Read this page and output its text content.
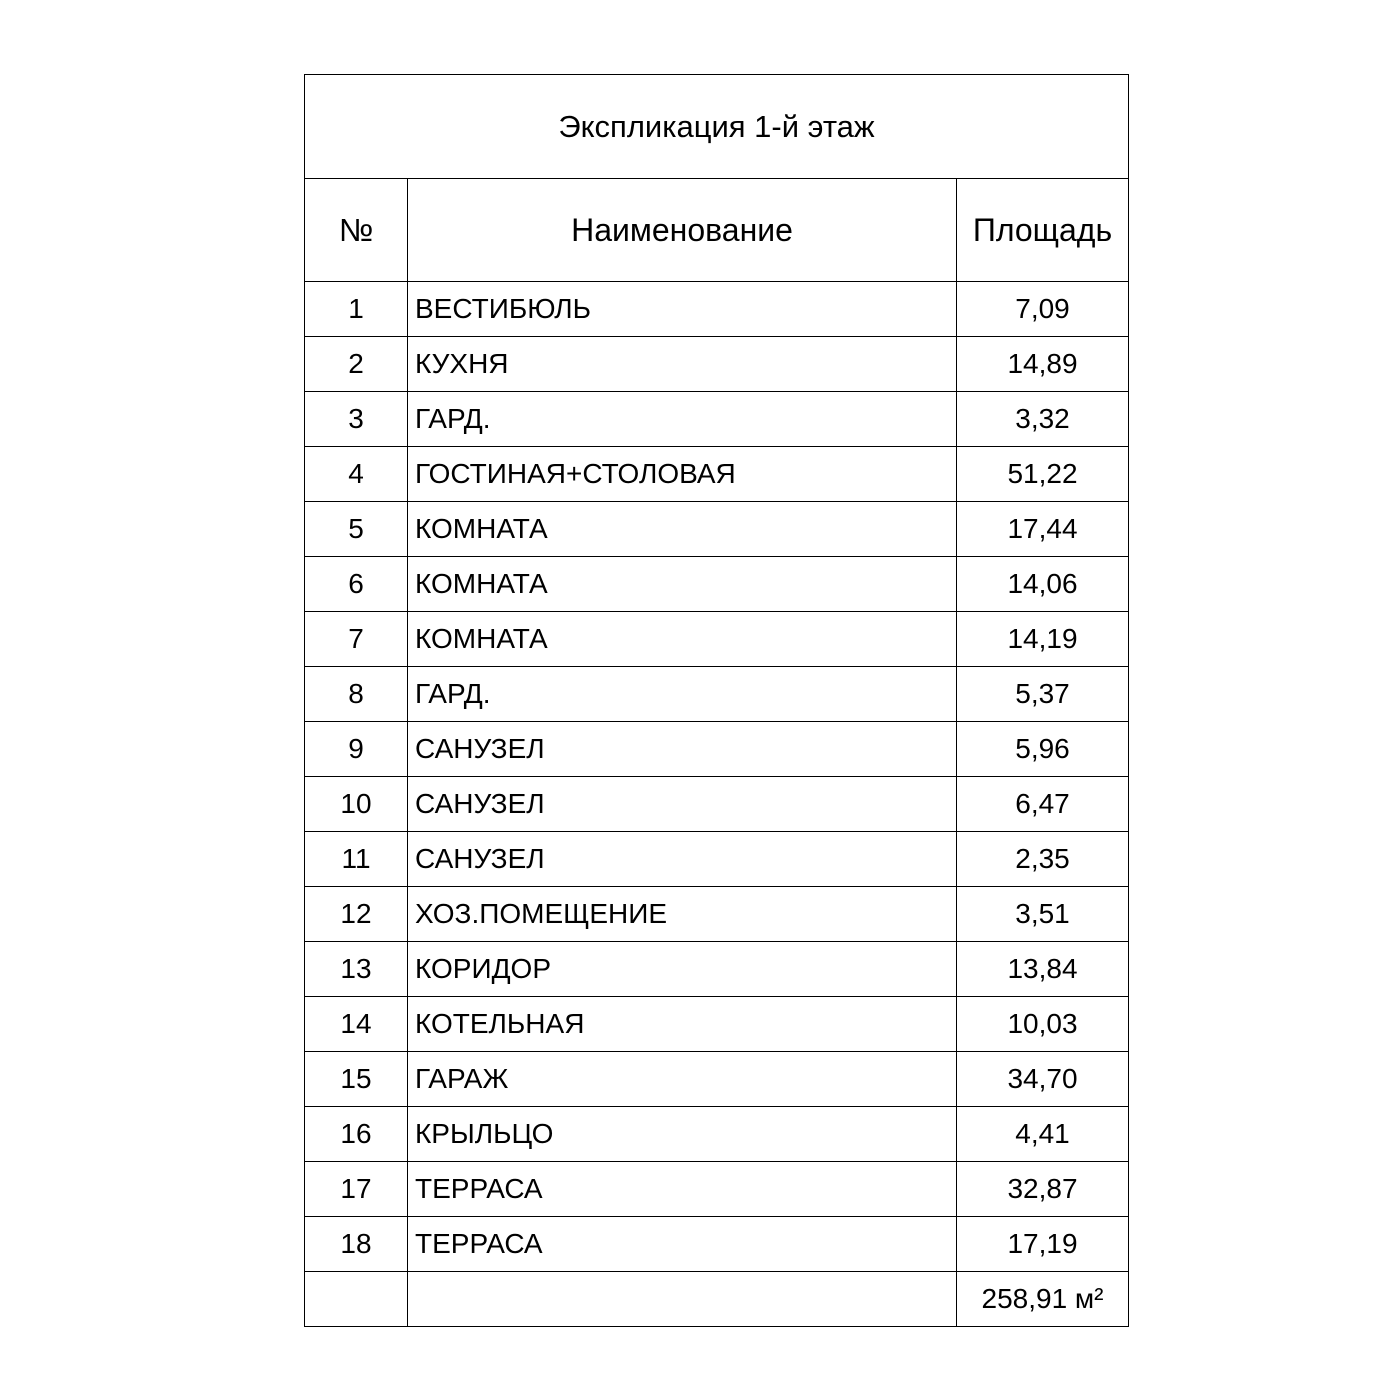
Экспликация 1-й этаж		
№	Наименование	Площадь
1	ВЕСТИБЮЛЬ	7,09
2	КУХНЯ	14,89
3	ГАРД.	3,32
4	ГОСТИНАЯ+СТОЛОВАЯ	51,22
5	КОМНАТА	17,44
6	КОМНАТА	14,06
7	КОМНАТА	14,19
8	ГАРД.	5,37
9	САНУЗЕЛ	5,96
10	САНУЗЕЛ	6,47
11	САНУЗЕЛ	2,35
12	ХОЗ.ПОМЕЩЕНИЕ	3,51
13	КОРИДОР	13,84
14	КОТЕЛЬНАЯ	10,03
15	ГАРАЖ	34,70
16	КРЫЛЬЦО	4,41
17	ТЕРРАСА	32,87
18	ТЕРРАСА	17,19
		258,91 м²
